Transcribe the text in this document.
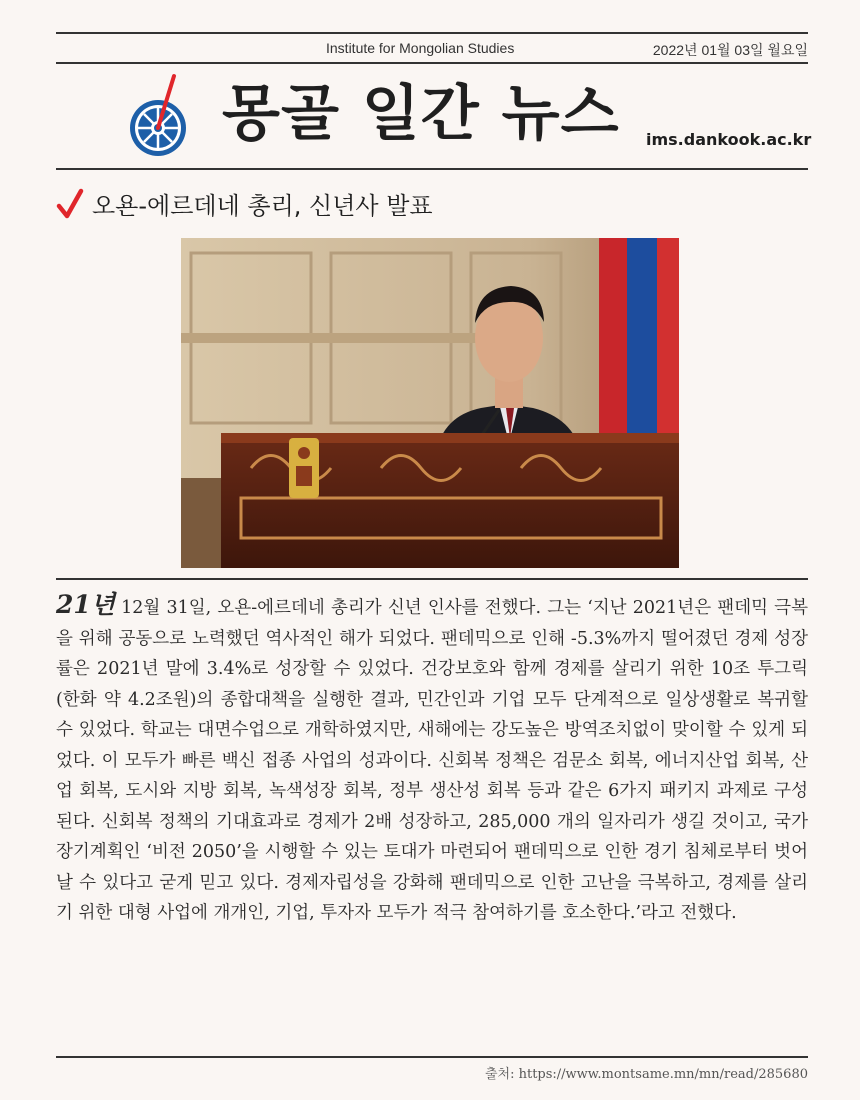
Institute for Mongolian Studies	2022년 01월 03일 월요일
몽골 일간 뉴스 ims.dankook.ac.kr
오욘-에르데네 총리, 신년사 발표
21년 12월 31일, 오욘-에르데네 총리가 신년 인사를 전했다. 그는 ‘지난 2021년은 팬데믹 극복을 위해 공동으로 노력했던 역사적인 해가 되었다. 팬데믹으로 인해 -5.3%까지 떨어졌던 경제 성장률은 2021년 말에 3.4%로 성장할 수 있었다. 건강보호와 함께 경제를 살리기 위한 10조 투그릭(한화 약 4.2조원)의 종합대책을 실행한 결과, 민간인과 기업 모두 단계적으로 일상생활로 복귀할 수 있었다. 학교는 대면수업으로 개학하였지만, 새해에는 강도높은 방역조치없이 맞이할 수 있게 되었다. 이 모두가 빠른 백신 접종 사업의 성과이다. 신회복 정책은 검문소 회복, 에너지산업 회복, 산업 회복, 도시와 지방 회복, 녹색성장 회복, 정부 생산성 회복 등과 같은 6가지 패키지 과제로 구성된다. 신회복 정책의 기대효과로 경제가 2배 성장하고, 285,000 개의 일자리가 생길 것이고, 국가장기계획인 ‘비전 2050’을 시행할 수 있는 토대가 마련되어 팬데믹으로 인한 경기 침체로부터 벗어날 수 있다고 굳게 믿고 있다. 경제자립성을 강화해 팬데믹으로 인한 고난을 극복하고, 경제를 살리기 위한 대형 사업에 개개인, 기업, 투자자 모두가 적극 참여하기를 호소한다.’라고 전했다.
출처: https://www.montsame.mn/mn/read/285680
